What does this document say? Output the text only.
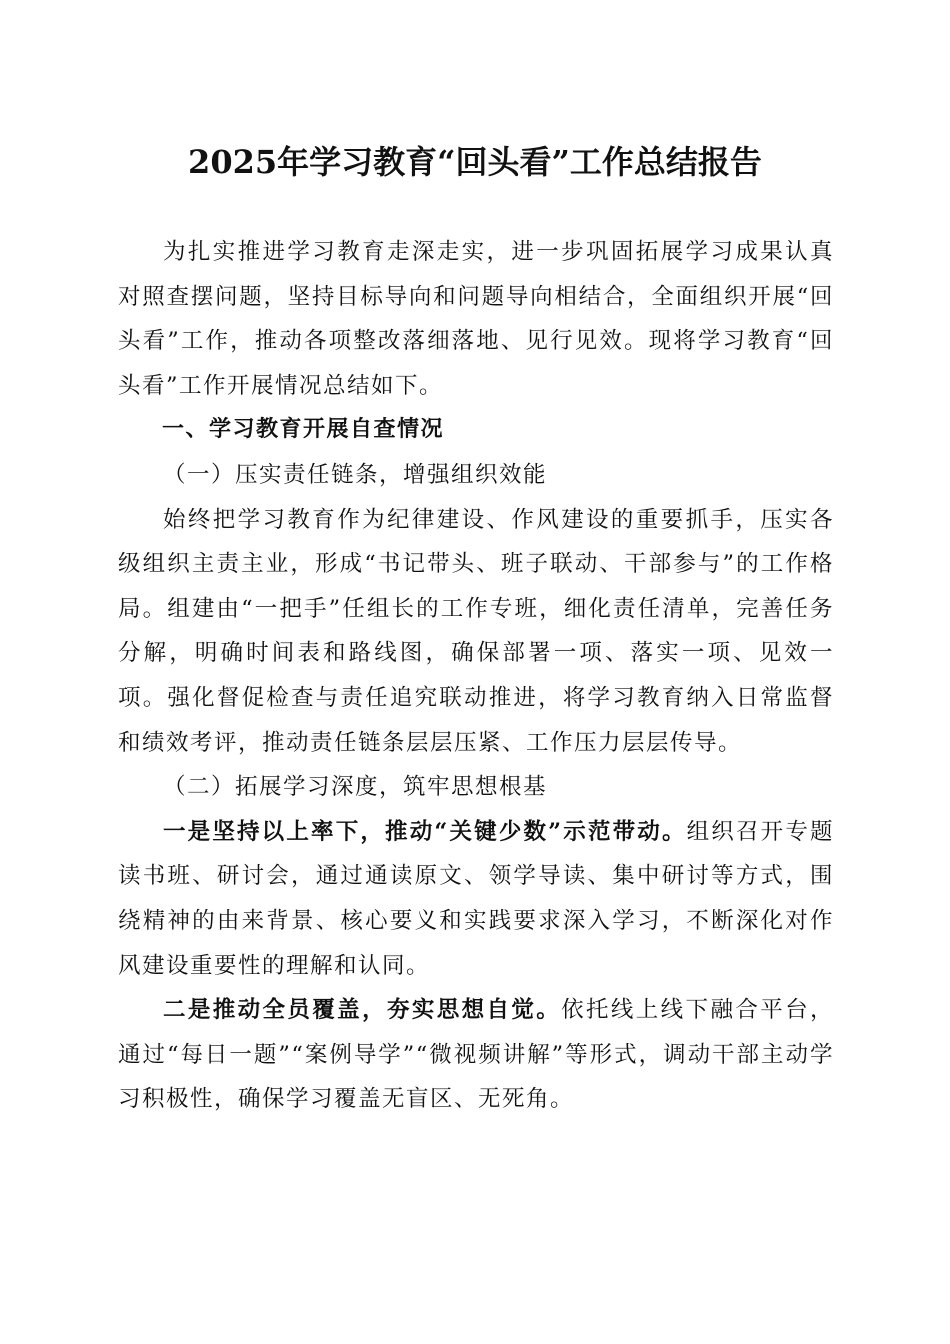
2025年学习教育“回头看”工作总结报告

为扎实推进学习教育走深走实，进一步巩固拓展学习成果认真对照查摆问题，坚持目标导向和问题导向相结合，全面组织开展“回头看”工作，推动各项整改落细落地、见行见效。现将学习教育“回头看”工作开展情况总结如下。

一、学习教育开展自查情况

（一）压实责任链条，增强组织效能

始终把学习教育作为纪律建设、作风建设的重要抓手，压实各级组织主责主业，形成“书记带头、班子联动、干部参与”的工作格局。组建由“一把手”任组长的工作专班，细化责任清单，完善任务分解，明确时间表和路线图，确保部署一项、落实一项、见效一项。强化督促检查与责任追究联动推进，将学习教育纳入日常监督和绩效考评，推动责任链条层层压紧、工作压力层层传导。

（二）拓展学习深度，筑牢思想根基

一是坚持以上率下，推动“关键少数”示范带动。组织召开专题读书班、研讨会，通过通读原文、领学导读、集中研讨等方式，围绕精神的由来背景、核心要义和实践要求深入学习，不断深化对作风建设重要性的理解和认同。

二是推动全员覆盖，夯实思想自觉。依托线上线下融合平台，通过“每日一题”“案例导学”“微视频讲解”等形式，调动干部主动学习积极性，确保学习覆盖无盲区、无死角。
